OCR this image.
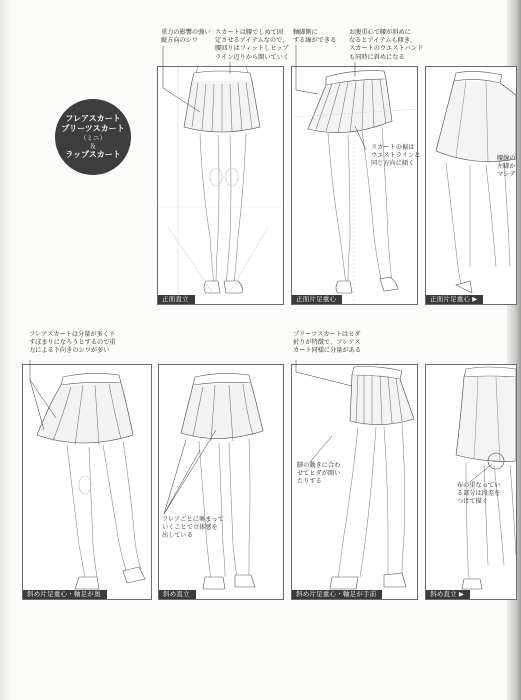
フレアスカート
プリーツスカート
（ミニ）
＆
ラップスカート
正面直立	正面片足重心	正面片足重心 ▶
斜め片足重心・軸足が奥	斜め直立	斜め片足重心・軸足が手前	斜め直立 ▶
重力の影響の強い
縦方向のシワ
スカートは腰でしめて固
定させるアイテムなので、
腰回りはフィットしヒップ
ライン辺りから開いていく
軸脚側に
する線ができる
お腹重心で腰が斜めに
なるとアイテムも傾き、
スカートのウエストバンド
も同時に斜めになる
スカートの裾は
ウエストラインと
同じ方向に傾く
腰線の
左脚か
マシデ
フレアスカートは分量が多く下
すぼまりになろうとするので重
力による下向きのシワが多い
フレアごとに奥まって
いくことで立体感を
出している
プリーツスカートはヒダ
折りが特徴で、フレアス
カート同様に分量がある
脚の動きに合わ
せてヒダが開い
たりする
布の重なってい
る部分は段差を
つけて描く
